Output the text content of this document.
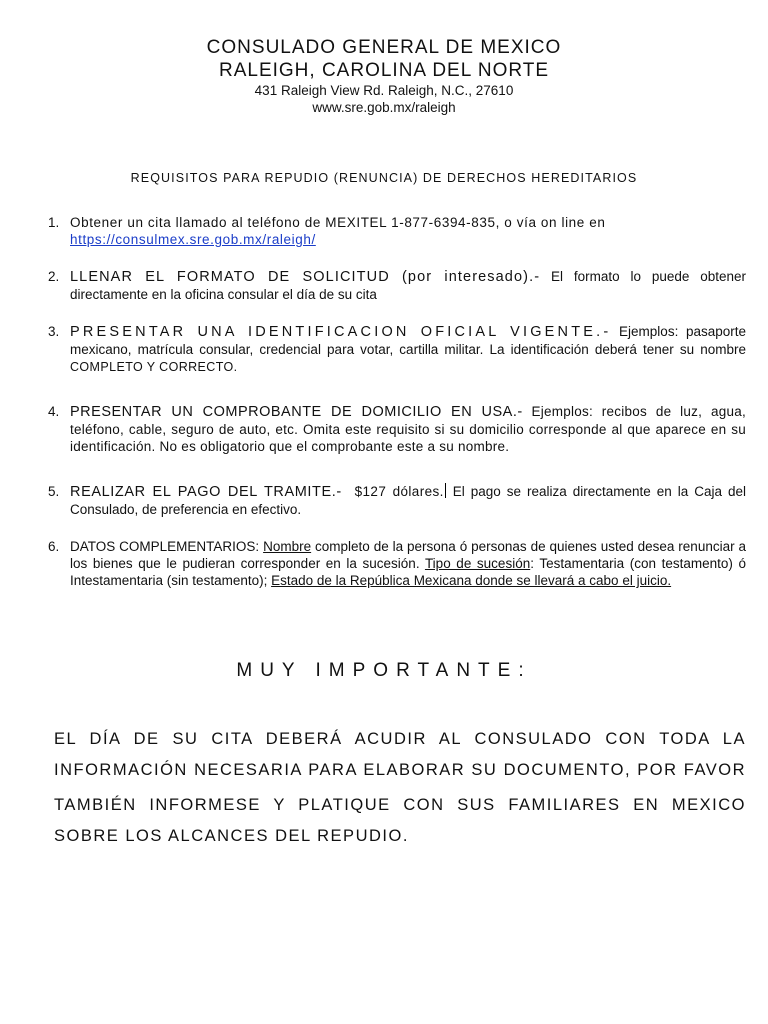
CONSULADO GENERAL DE MEXICO

RALEIGH, CAROLINA DEL NORTE

431 Raleigh View Rd. Raleigh, N.C., 27610

www.sre.gob.mx/raleigh

REQUISITOS PARA REPUDIO (RENUNCIA) DE DERECHOS HEREDITARIOS
1. Obtener un cita llamado al teléfono de MEXITEL 1-877-6394-835, o vía on line en
https://consulmex.sre.gob.mx/raleigh/
2. LLENAR EL FORMATO DE SOLICITUD (por interesado).- El formato lo puede obtener directamente en la oficina consular el día de su cita
3. PRESENTAR UNA IDENTIFICACION OFICIAL VIGENTE.- Ejemplos: pasaporte mexicano, matrícula consular, credencial para votar, cartilla militar. La identificación deberá tener su nombre COMPLETO Y CORRECTO.
4. PRESENTAR UN COMPROBANTE DE DOMICILIO EN USA.- Ejemplos: recibos de luz, agua, teléfono, cable, seguro de auto, etc. Omita este requisito si su domicilio corresponde al que aparece en su identificación. No es obligatorio que el comprobante este a su nombre.
5. REALIZAR EL PAGO DEL TRAMITE.-  $127 dólares. El pago se realiza directamente en la Caja del Consulado, de preferencia en efectivo.
6. DATOS COMPLEMENTARIOS: Nombre completo de la persona ó personas de quienes usted desea renunciar a los bienes que le pudieran corresponder en la sucesión. Tipo de sucesión: Testamentaria (con testamento) ó Intestamentaria (sin testamento); Estado de la República Mexicana donde se llevará a cabo el juicio.
MUY IMPORTANTE:
EL DÍA DE SU CITA DEBERÁ ACUDIR AL CONSULADO CON TODA LA
INFORMACIÓN NECESARIA PARA ELABORAR SU DOCUMENTO, POR FAVOR
TAMBIÉN INFORMESE Y PLATIQUE CON SUS FAMILIARES EN MEXICO
SOBRE LOS ALCANCES DEL REPUDIO.
